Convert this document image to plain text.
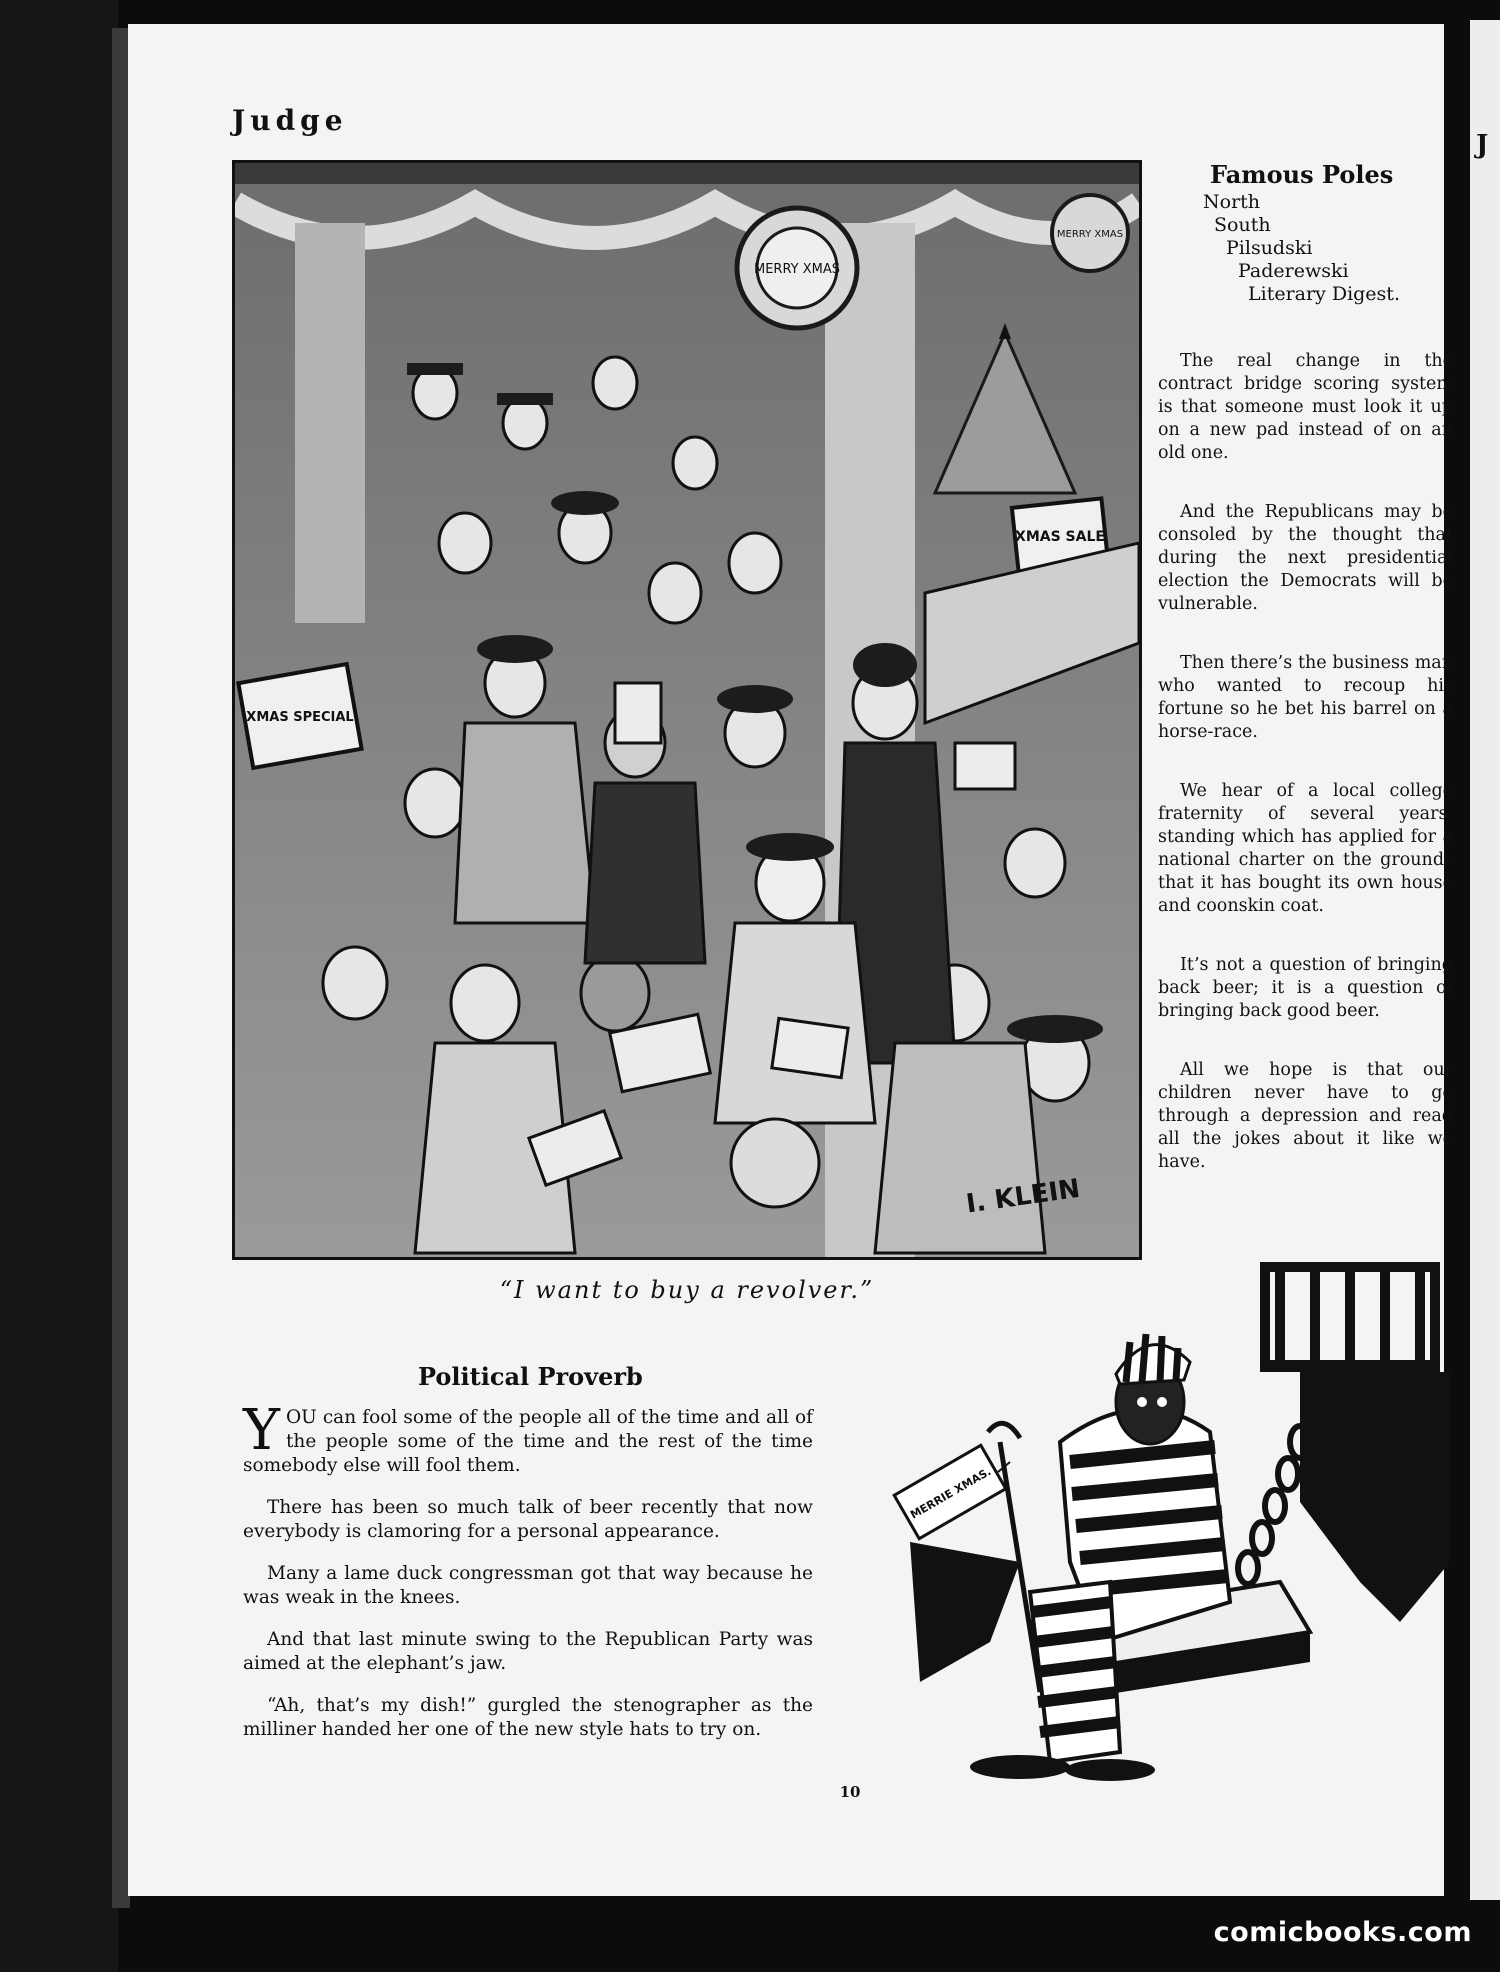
J
Judge
MERRY XMAS
MERRY XMAS
XMAS SALE
XMAS SPECIAL
I. KLEIN

“I want to buy a revolver.”

Famous Poles

North

South

Pilsudski

Paderewski

Literary Digest.

The real change in the contract bridge scoring system is that someone must look it up on a new pad instead of on an old one.

And the Republicans may be consoled by the thought that during the next presidential election the Democrats will be vulnerable.

Then there’s the business man who wanted to recoup his fortune so he bet his barrel on a horse-race.

We hear of a local college fraternity of several years’ standing which has applied for a national charter on the grounds that it has bought its own house and coonskin coat.

It’s not a question of bringing back beer; it is a question of bringing back good beer.

All we hope is that our children never have to go through a depression and read all the jokes about it like we have.

Political Proverb

YOU can fool some of the people all of the time and all of the people some of the time and the rest of the time somebody else will fool them.

There has been so much talk of beer recently that now everybody is clamoring for a personal appearance.

Many a lame duck congressman got that way because he was weak in the knees.

And that last minute swing to the Republican Party was aimed at the elephant’s jaw.

“Ah, that’s my dish!” gurgled the stenographer as the milliner handed her one of the new style hats to try on.

MERRIE XMAS.
10

comicbooks.com
